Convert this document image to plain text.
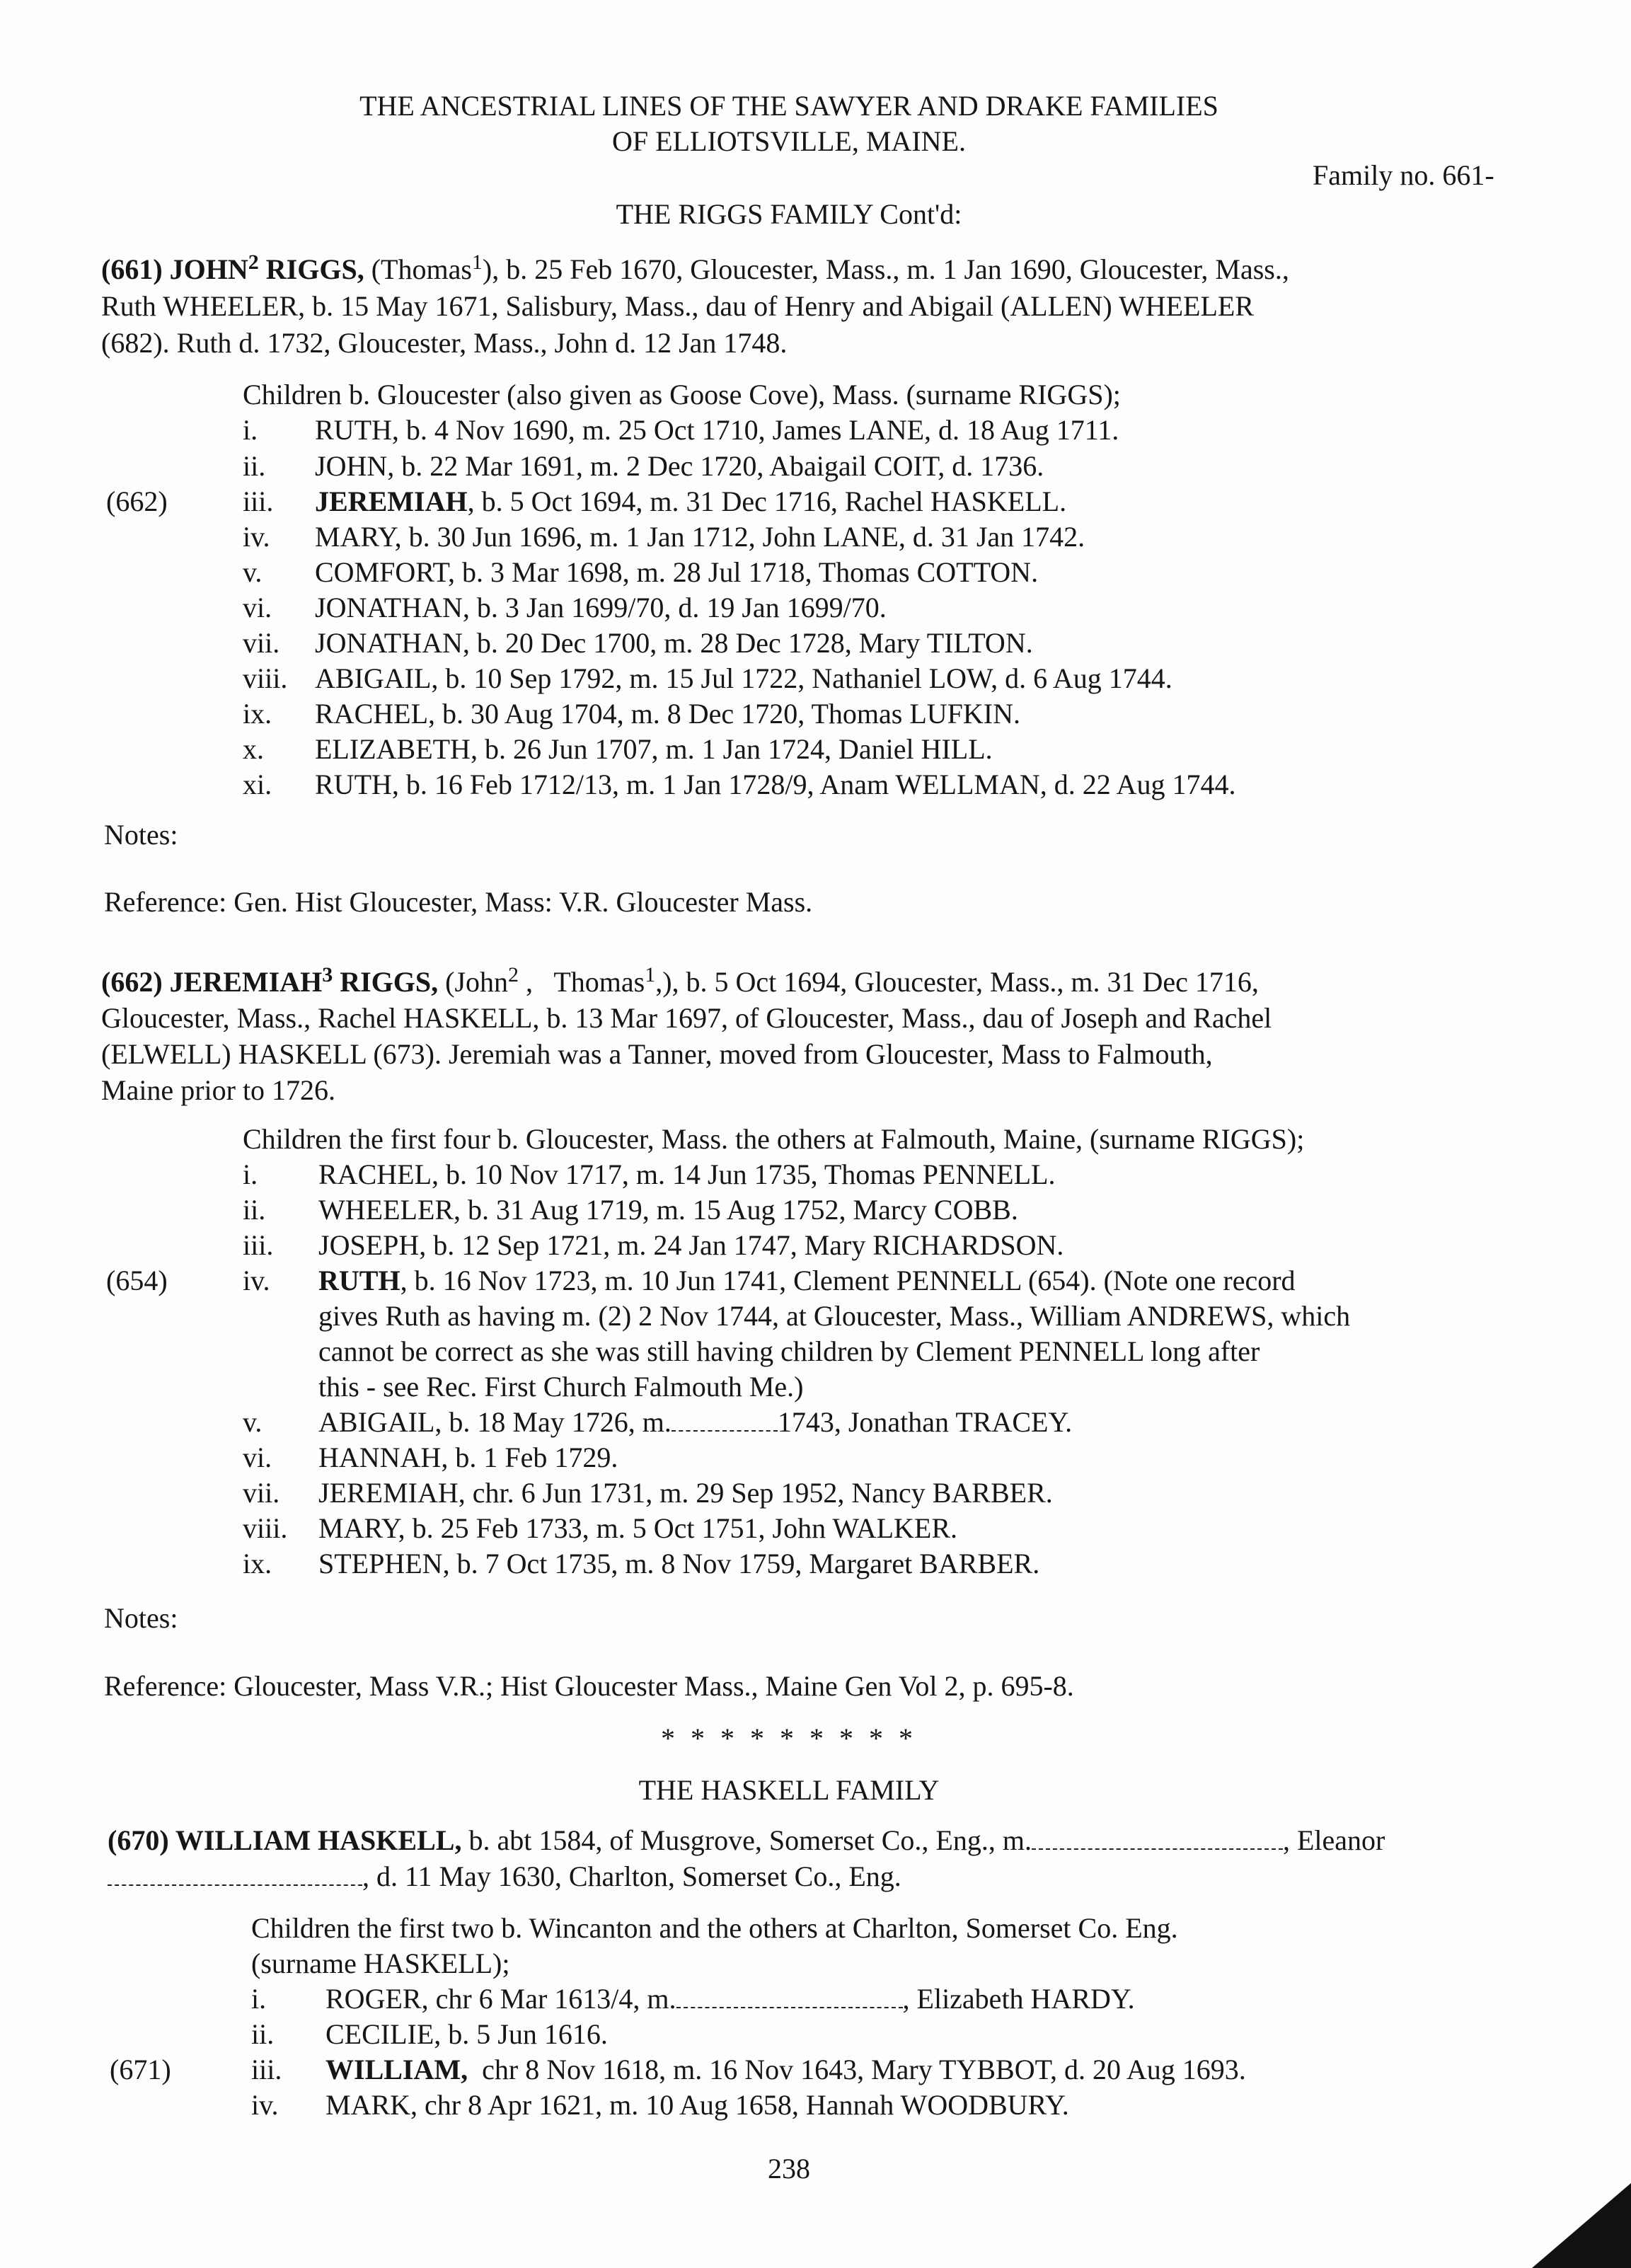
THE ANCESTRIAL LINES OF THE SAWYER AND DRAKE FAMILIES
OF ELLIOTSVILLE, MAINE.
Family no. 661-
THE RIGGS FAMILY Cont'd:
(661) JOHN$^2$ RIGGS, (Thomas$^1$), b. 25 Feb 1670, Gloucester, Mass., m. 1 Jan 1690, Gloucester, Mass.,
Ruth WHEELER, b. 15 May 1671, Salisbury, Mass., dau of Henry and Abigail (ALLEN) WHEELER
(682). Ruth d. 1732, Gloucester, Mass., John d. 12 Jan 1748.
Children b. Gloucester (also given as Goose Cove), Mass. (surname RIGGS);
i. RUTH, b. 4 Nov 1690, m. 25 Oct 1710, James LANE, d. 18 Aug 1711.
ii. JOHN, b. 22 Mar 1691, m. 2 Dec 1720, Abaigail COIT, d. 1736.
(662)	iii. JEREMIAH, b. 5 Oct 1694, m. 31 Dec 1716, Rachel HASKELL.
iv. MARY, b. 30 Jun 1696, m. 1 Jan 1712, John LANE, d. 31 Jan 1742.
v. COMFORT, b. 3 Mar 1698, m. 28 Jul 1718, Thomas COTTON.
vi. JONATHAN, b. 3 Jan 1699/70, d. 19 Jan 1699/70.
vii. JONATHAN, b. 20 Dec 1700, m. 28 Dec 1728, Mary TILTON.
viii. ABIGAIL, b. 10 Sep 1792, m. 15 Jul 1722, Nathaniel LOW, d. 6 Aug 1744.
ix. RACHEL, b. 30 Aug 1704, m. 8 Dec 1720, Thomas LUFKIN.
x. ELIZABETH, b. 26 Jun 1707, m. 1 Jan 1724, Daniel HILL.
xi. RUTH, b. 16 Feb 1712/13, m. 1 Jan 1728/9, Anam WELLMAN, d. 22 Aug 1744.
Notes:
Reference: Gen. Hist Gloucester, Mass: V.R. Gloucester Mass.
(662) JEREMIAH$^3$ RIGGS, (John$^2$ ,   Thomas$^1$,), b. 5 Oct 1694, Gloucester, Mass., m. 31 Dec 1716,
Gloucester, Mass., Rachel HASKELL, b. 13 Mar 1697, of Gloucester, Mass., dau of Joseph and Rachel
(ELWELL) HASKELL (673). Jeremiah was a Tanner, moved from Gloucester, Mass to Falmouth,
Maine prior to 1726.
Children the first four b. Gloucester, Mass. the others at Falmouth, Maine, (surname RIGGS);
i. RACHEL, b. 10 Nov 1717, m. 14 Jun 1735, Thomas PENNELL.
ii. WHEELER, b. 31 Aug 1719, m. 15 Aug 1752, Marcy COBB.
iii. JOSEPH, b. 12 Sep 1721, m. 24 Jan 1747, Mary RICHARDSON.
(654)	iv. RUTH, b. 16 Nov 1723, m. 10 Jun 1741, Clement PENNELL (654). (Note one record
gives Ruth as having m. (2) 2 Nov 1744, at Gloucester, Mass., William ANDREWS, which
cannot be correct as she was still having children by Clement PENNELL long after
this - see Rec. First Church Falmouth Me.)
v. ABIGAIL, b. 18 May 1726, m.	1743, Jonathan TRACEY.
vi. HANNAH, b. 1 Feb 1729.
vii. JEREMIAH, chr. 6 Jun 1731, m. 29 Sep 1952, Nancy BARBER.
viii. MARY, b. 25 Feb 1733, m. 5 Oct 1751, John WALKER.
ix. STEPHEN, b. 7 Oct 1735, m. 8 Nov 1759, Margaret BARBER.
Notes:
Reference: Gloucester, Mass V.R.; Hist Gloucester Mass., Maine Gen Vol 2, p. 695-8.
* * * * * * * * *
THE HASKELL FAMILY
(670) WILLIAM HASKELL, b. abt 1584, of Musgrove, Somerset Co., Eng., m.	, Eleanor
, d. 11 May 1630, Charlton, Somerset Co., Eng.
Children the first two b. Wincanton and the others at Charlton, Somerset Co. Eng.
(surname HASKELL);
i. ROGER, chr 6 Mar 1613/4, m.	, Elizabeth HARDY.
ii. CECILIE, b. 5 Jun 1616.
(671)	iii. WILLIAM,  chr 8 Nov 1618, m. 16 Nov 1643, Mary TYBBOT, d. 20 Aug 1693.
iv. MARK, chr 8 Apr 1621, m. 10 Aug 1658, Hannah WOODBURY.
238
